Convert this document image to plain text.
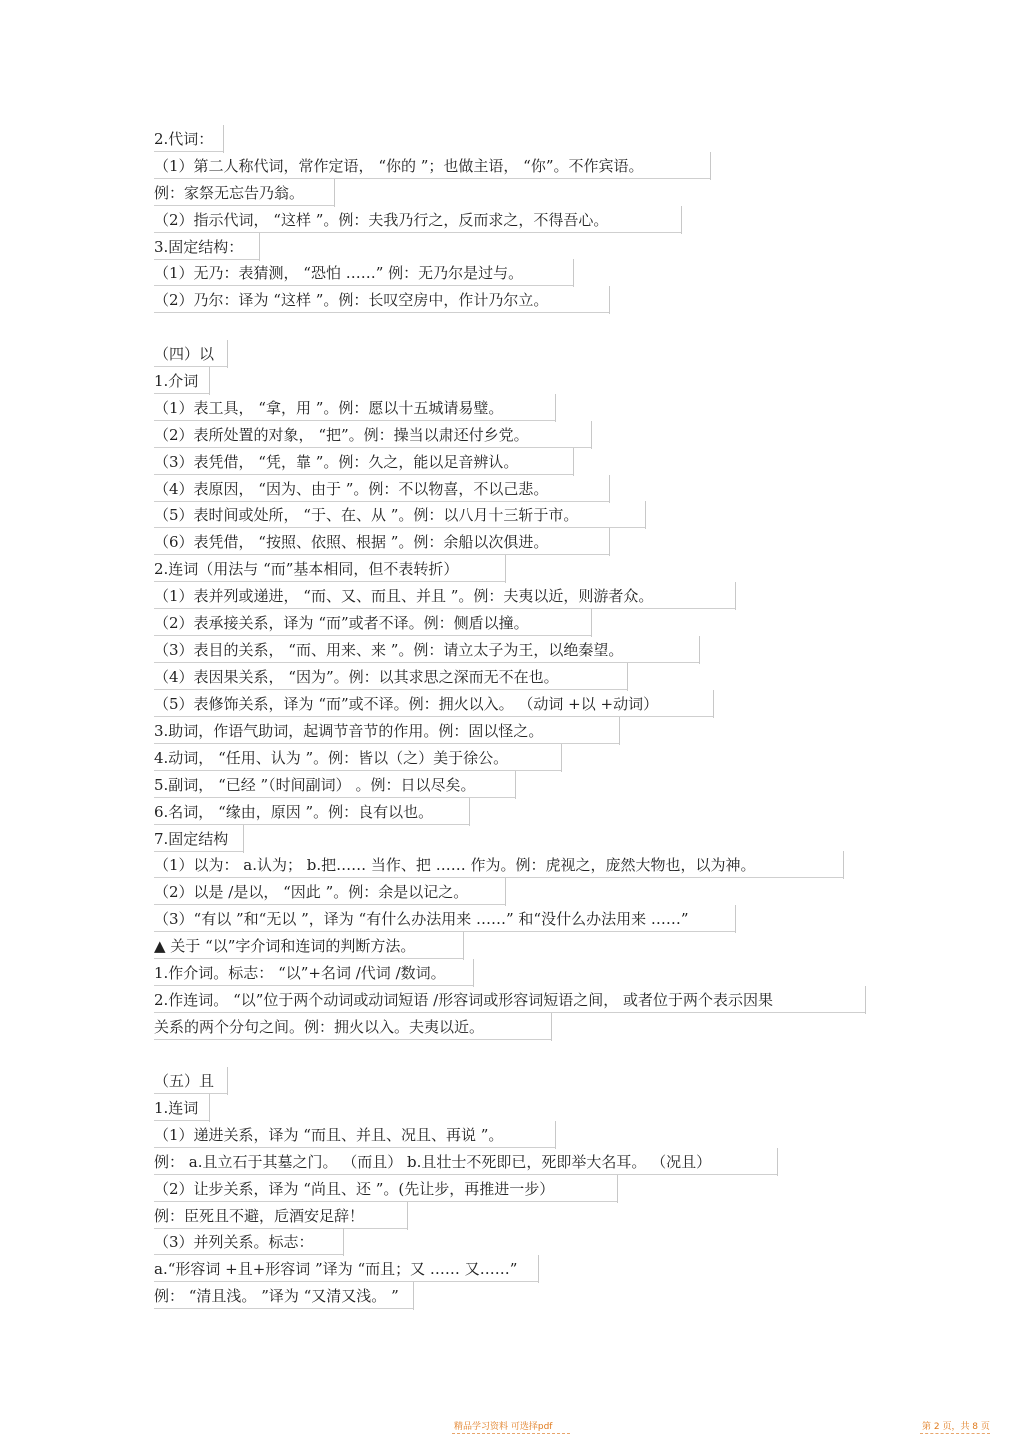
2.代词：
（1）第二人称代词，常作定语， “你的 ”；也做主语， “你”。不作宾语。
例：家祭无忘告乃翁。
（2）指示代词， “这样 ”。例：夫我乃行之，反而求之，不得吾心。
3.固定结构：
（1）无乃：表猜测， “恐怕 ……” 例：无乃尔是过与。
（2）乃尔：译为 “这样 ”。例：长叹空房中，作计乃尔立。
（四）以
1.介词
（1）表工具， “拿，用 ”。例：愿以十五城请易璧。
（2）表所处置的对象， “把”。例：操当以肃还付乡党。
（3）表凭借， “凭，靠 ”。例：久之，能以足音辨认。
（4）表原因， “因为、由于 ”。例：不以物喜，不以己悲。
（5）表时间或处所， “于、在、从 ”。例：以八月十三斩于市。
（6）表凭借， “按照、依照、根据 ”。例：余船以次俱进。
2.连词（用法与 “而”基本相同，但不表转折）
（1）表并列或递进， “而、又、而且、并且 ”。例：夫夷以近，则游者众。
（2）表承接关系，译为 “而”或者不译。例：侧盾以撞。
（3）表目的关系， “而、用来、来 ”。例：请立太子为王，以绝秦望。
（4）表因果关系， “因为”。例：以其求思之深而无不在也。
（5）表修饰关系，译为 “而”或不译。例：拥火以入。 （动词 +以 +动词）
3.助词，作语气助词，起调节音节的作用。例：固以怪之。
4.动词， “任用、认为 ”。例：皆以（之）美于徐公。
5.副词， “已经 ”（时间副词） 。例：日以尽矣。
6.名词， “缘由，原因 ”。例：良有以也。
7.固定结构
（1）以为： a.认为； b.把…… 当作、把 …… 作为。例：虎视之，庞然大物也，以为神。
（2）以是 /是以， “因此 ”。例：余是以记之。
（3）“有以 ”和“无以 ”，译为 “有什么办法用来 ……” 和“没什么办法用来 ……”
▲ 关于 “以”字介词和连词的判断方法。
1.作介词。标志： “以”+名词 /代词 /数词。
2.作连词。 “以”位于两个动词或动词短语 /形容词或形容词短语之间， 或者位于两个表示因果
关系的两个分句之间。例：拥火以入。夫夷以近。
（五）且
1.连词
（1）递进关系，译为 “而且、并且、况且、再说 ”。
例： a.且立石于其墓之门。 （而且） b.且壮士不死即已，死即举大名耳。 （况且）
（2）让步关系，译为 “尚且、还 ”。(先让步，再推进一步）
例：臣死且不避，卮酒安足辞！
（3）并列关系。标志：
a.“形容词 +且+形容词 ”译为 “而且；又 …… 又……”
例： “清且浅。 ”译为 “又清又浅。 ”
精品学习资料 可选择pdf	第 2 页，共 8 页
